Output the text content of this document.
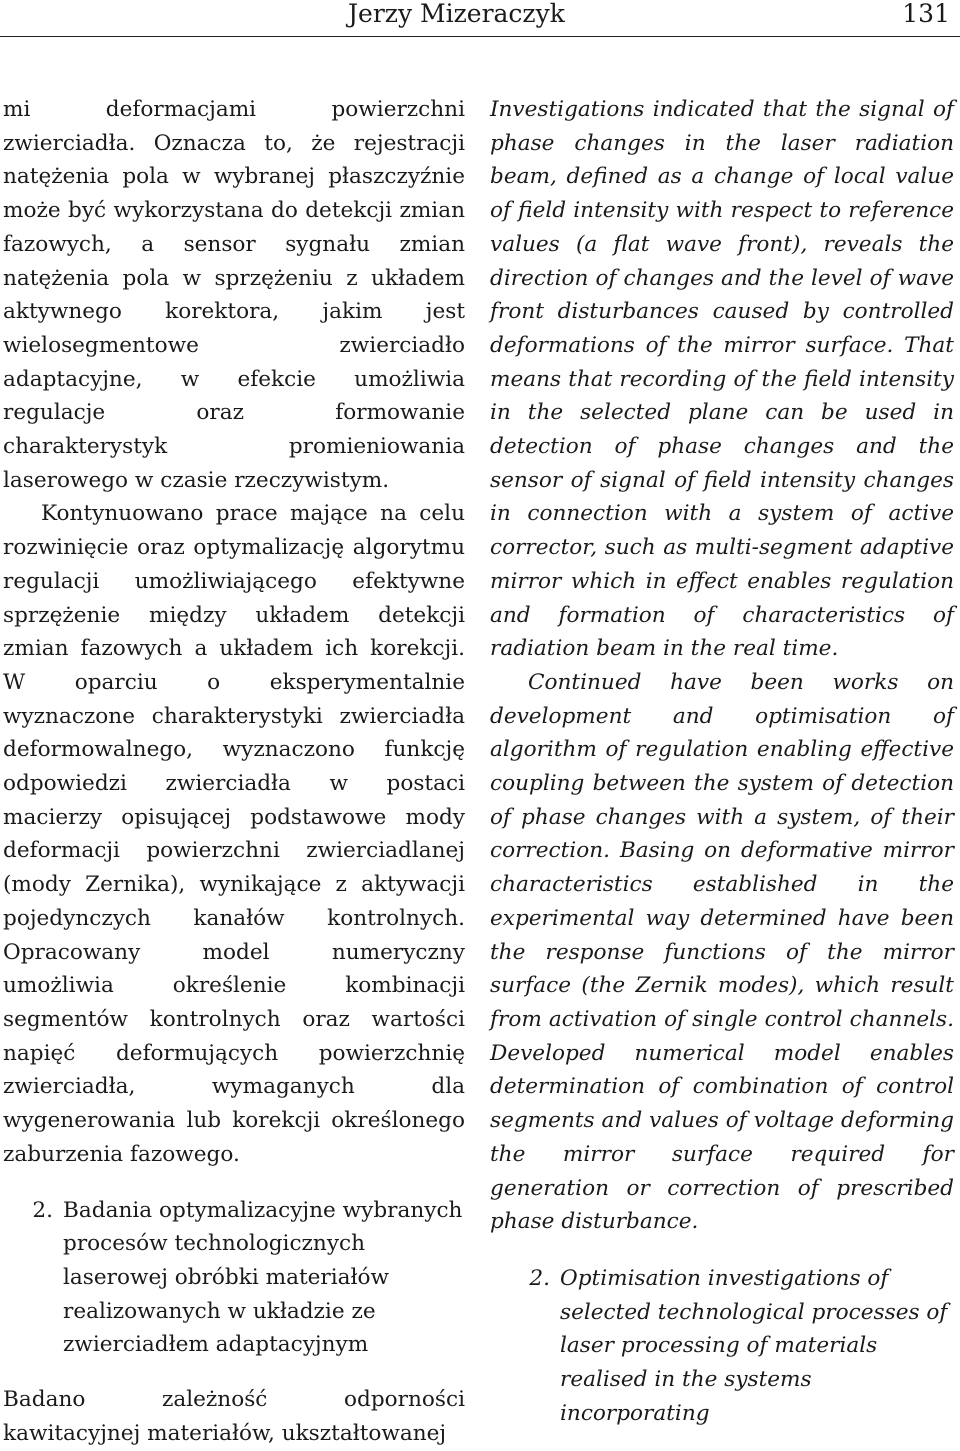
Jerzy Mizeraczyk	131

mi deformacjami powierzchni zwierciadła. Oznacza to, że rejestracji natężenia pola w wybranej płaszczyźnie może być wykorzystana do detekcji zmian fazowych, a sensor sygnału zmian natężenia pola w sprzężeniu z układem aktywnego korektora, jakim jest wielosegmentowe zwierciadło adaptacyjne, w efekcie umożliwia regulacje oraz formowanie charakterystyk promieniowania laserowego w czasie rzeczywistym.

Kontynuowano prace mające na celu rozwinięcie oraz optymalizację algorytmu regulacji umożliwiającego efektywne sprzężenie między układem detekcji zmian fazowych a układem ich korekcji. W oparciu o eksperymentalnie wyznaczone charakterystyki zwierciadła deformowalnego, wyznaczono funkcję odpowiedzi zwierciadła w postaci macierzy opisującej podstawowe mody deformacji powierzchni zwierciadlanej (mody Zernika), wynikające z aktywacji pojedynczych kanałów kontrolnych. Opracowany model numeryczny umożliwia określenie kombinacji segmentów kontrolnych oraz wartości napięć deformujących powierzchnię zwierciadła, wymaganych dla wygenerowania lub korekcji określonego zaburzenia fazowego.

2. Badania optymalizacyjne wybranych procesów technologicznych laserowej obróbki materiałów realizowanych w układzie ze zwierciadłem adaptacyjnym

Badano zależność odporności kawitacyjnej materiałów, ukształtowanej

Investigations indicated that the signal of phase changes in the laser radiation beam, defined as a change of local value of field intensity with respect to reference values (a flat wave front), reveals the direction of changes and the level of wave front disturbances caused by controlled deformations of the mirror surface. That means that recording of the field intensity in the selected plane can be used in detection of phase changes and the sensor of signal of field intensity changes in connection with a system of active corrector, such as multi-segment adaptive mirror which in effect enables regulation and formation of characteristics of radiation beam in the real time.

Continued have been works on development and optimisation of algorithm of regulation enabling effective coupling between the system of detection of phase changes with a system, of their correction. Basing on deformative mirror characteristics established in the experimental way determined have been the response functions of the mirror surface (the Zernik modes), which result from activation of single control channels. Developed numerical model enables determination of combination of control segments and values of voltage deforming the mirror surface required for generation or correction of prescribed phase disturbance.

2. Optimisation investigations of selected technological processes of laser processing of materials realised in the systems incorporating
